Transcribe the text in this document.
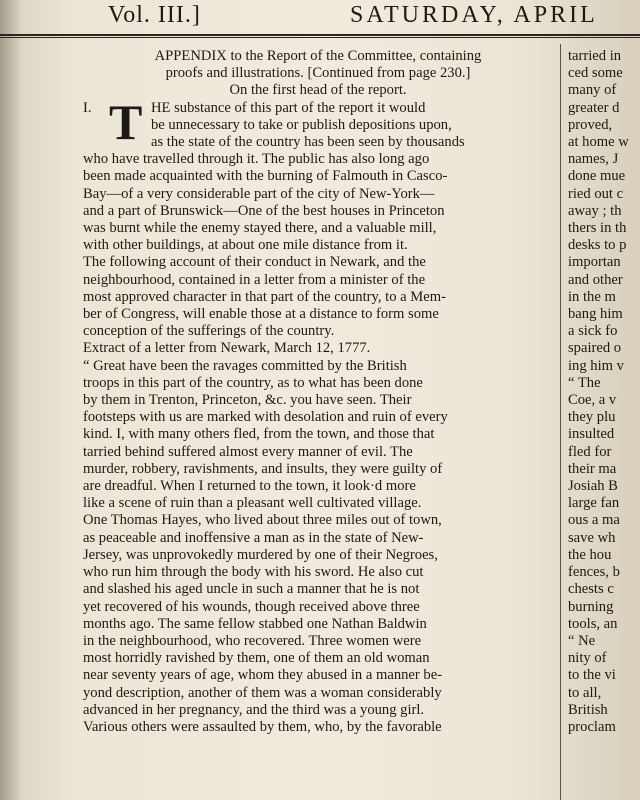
Vol. III.]	SATURDAY, APRIL
APPENDIX to the Report of the Committee, containing
proofs and illustrations. [Continued from page 230.]
On the first head of the report.
I. T HE substance of this part of the report it would
be unnecessary to take or publish depositions upon,
as the state of the country has been seen by thousands
who have travelled through it. The public has also long ago
been made acquainted with the burning of Falmouth in Casco-
Bay—of a very considerable part of the city of New-York—
and a part of Brunswick—One of the best houses in Princeton
was burnt while the enemy stayed there, and a valuable mill,
with other buildings, at about one mile distance from it.
The following account of their conduct in Newark, and the
neighbourhood, contained in a letter from a minister of the
most approved character in that part of the country, to a Mem-
ber of Congress, will enable those at a distance to form some
conception of the sufferings of the country.
Extract of a letter from Newark, March 12, 1777.
“ Great have been the ravages committed by the British
troops in this part of the country, as to what has been done
by them in Trenton, Princeton, &c. you have seen. Their
footsteps with us are marked with desolation and ruin of every
kind. I, with many others fled, from the town, and those that
tarried behind suffered almost every manner of evil. The
murder, robbery, ravishments, and insults, they were guilty of
are dreadful. When I returned to the town, it look·d more
like a scene of ruin than a pleasant well cultivated village.
One Thomas Hayes, who lived about three miles out of town,
as peaceable and inoffensive a man as in the state of New-
Jersey, was unprovokedly murdered by one of their Negroes,
who run him through the body with his sword. He also cut
and slashed his aged uncle in such a manner that he is not
yet recovered of his wounds, though received above three
months ago. The same fellow stabbed one Nathan Baldwin
in the neighbourhood, who recovered. Three women were
most horridly ravished by them, one of them an old woman
near seventy years of age, whom they abused in a manner be-
yond description, another of them was a woman considerably
advanced in her pregnancy, and the third was a young girl.
Various others were assaulted by them, who, by the favorable
tarried in
ced some
many of
greater d
proved,
at home w
names, J
done mue
ried out c
away ; th
thers in th
desks to p
importan
and other
in the m
bang him
a sick fo
spaired o
ing him v
“ The
Coe, a v
they plu
insulted
fled for
their ma
Josiah B
large fan
ous a ma
save wh
the hou
fences, b
chests c
burning
tools, an
“ Ne
nity of
to the vi
to all,
British
proclam
